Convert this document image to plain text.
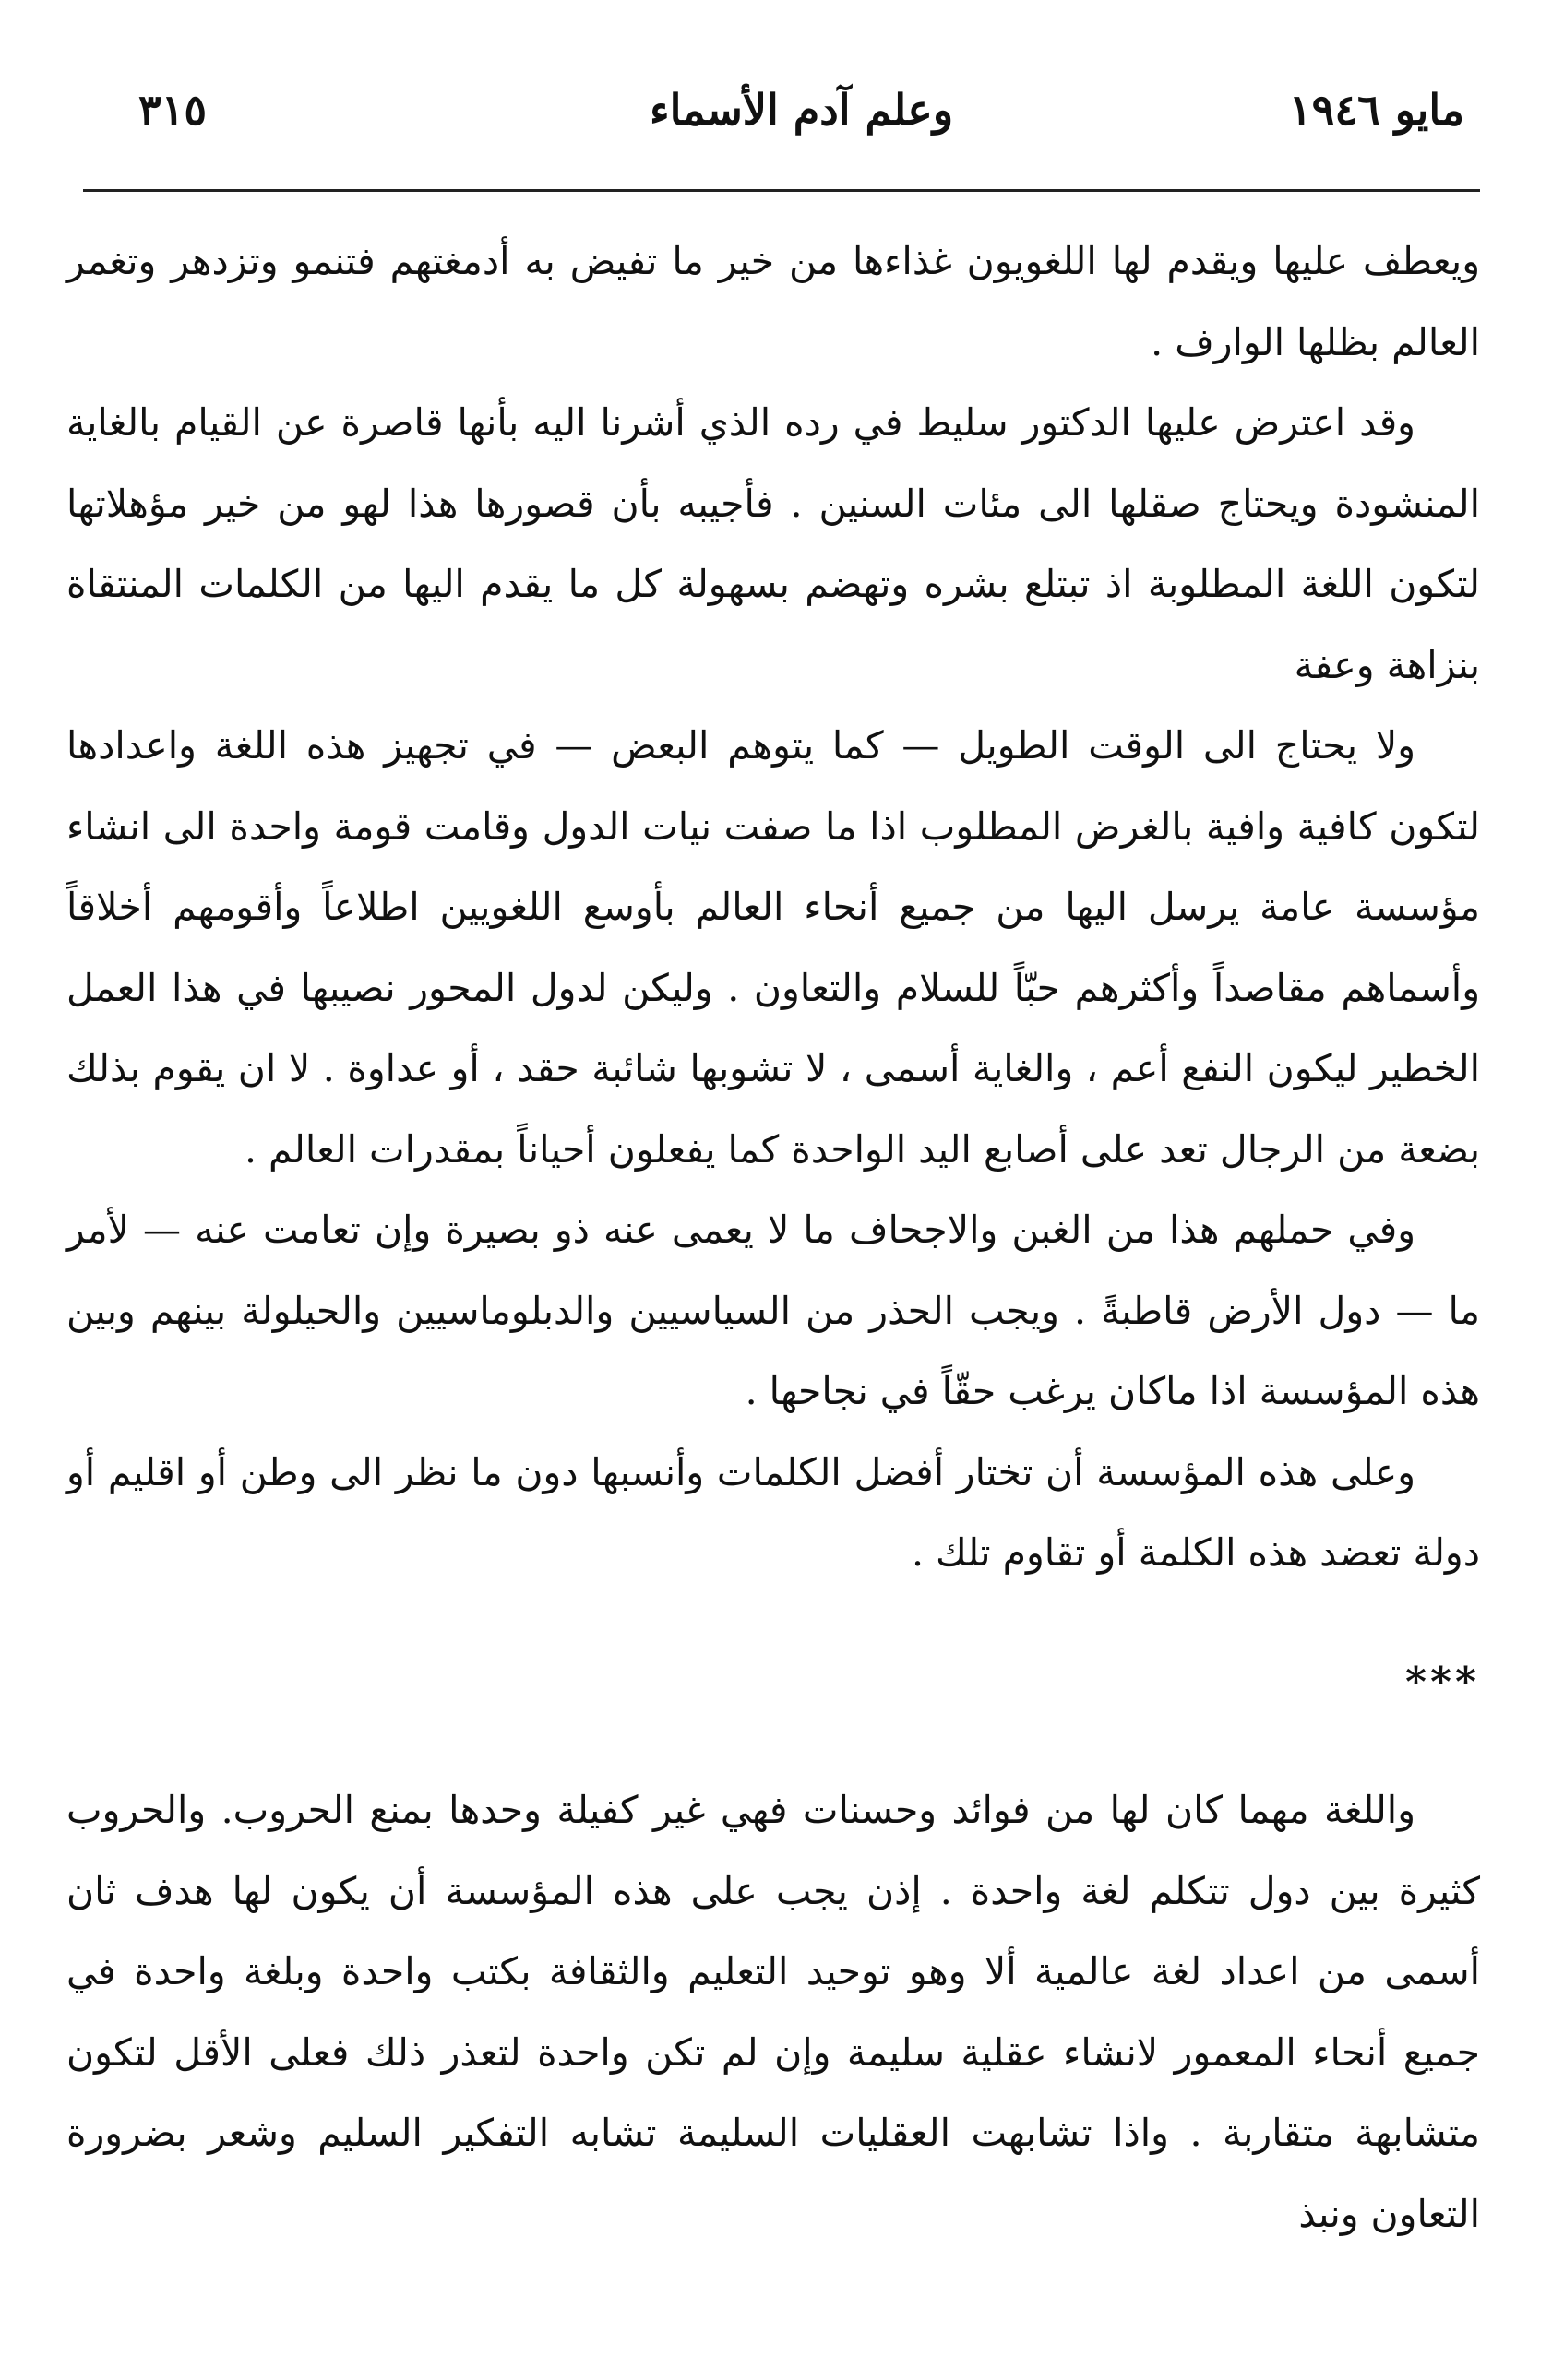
٣١٥	وعلم آدم الأسماء	مايو ١٩٤٦

ويعطف عليها ويقدم لها اللغويون غذاءها من خير ما تفيض به أدمغتهم فتنمو وتزدهر وتغمر العالم بظلها الوارف .

وقد اعترض عليها الدكتور سليط في رده الذي أشرنا اليه بأنها قاصرة عن القيام بالغاية المنشودة ويحتاج صقلها الى مئات السنين . فأجيبه بأن قصورها هذا لهو من خير مؤهلاتها لتكون اللغة المطلوبة اذ تبتلع بشره وتهضم بسهولة كل ما يقدم اليها من الكلمات المنتقاة بنزاهة وعفة

ولا يحتاج الى الوقت الطويل — كما يتوهم البعض — في تجهيز هذه اللغة واعدادها لتكون كافية وافية بالغرض المطلوب اذا ما صفت نيات الدول وقامت قومة واحدة الى انشاء مؤسسة عامة يرسل اليها من جميع أنحاء العالم بأوسع اللغويين اطلاعاً وأقومهم أخلاقاً وأسماهم مقاصداً وأكثرهم حبّاً للسلام والتعاون . وليكن لدول المحور نصيبها في هذا العمل الخطير ليكون النفع أعم ، والغاية أسمى ، لا تشوبها شائبة حقد ، أو عداوة . لا ان يقوم بذلك بضعة من الرجال تعد على أصابع اليد الواحدة كما يفعلون أحياناً بمقدرات العالم .

وفي حملهم هذا من الغبن والاجحاف ما لا يعمى عنه ذو بصيرة وإن تعامت عنه — لأمر ما — دول الأرض قاطبةً . ويجب الحذر من السياسيين والدبلوماسيين والحيلولة بينهم وبين هذه المؤسسة اذا ماكان يرغب حقّاً في نجاحها .

وعلى هذه المؤسسة أن تختار أفضل الكلمات وأنسبها دون ما نظر الى وطن أو اقليم أو دولة تعضد هذه الكلمة أو تقاوم تلك .

***

واللغة مهما كان لها من فوائد وحسنات فهي غير كفيلة وحدها بمنع الحروب. والحروب كثيرة بين دول تتكلم لغة واحدة . إذن يجب على هذه المؤسسة أن يكون لها هدف ثان أسمى من اعداد لغة عالمية ألا وهو توحيد التعليم والثقافة بكتب واحدة وبلغة واحدة في جميع أنحاء المعمور لانشاء عقلية سليمة وإن لم تكن واحدة لتعذر ذلك فعلى الأقل لتكون متشابهة متقاربة . واذا تشابهت العقليات السليمة تشابه التفكير السليم وشعر بضرورة التعاون ونبذ
